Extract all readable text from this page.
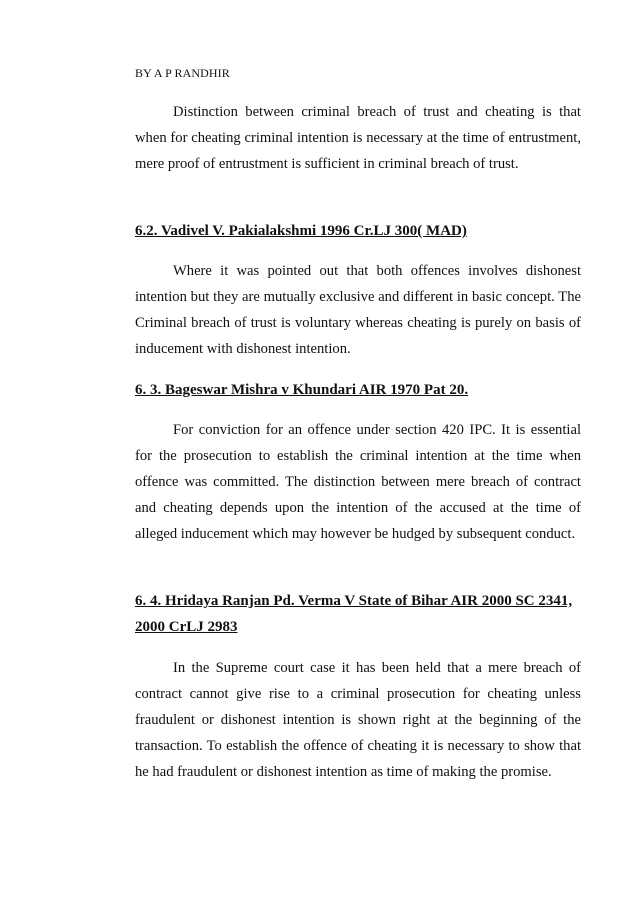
BY A P RANDHIR

Distinction between criminal breach of trust and cheating is that when for cheating criminal intention is necessary at the time of entrustment, mere proof of entrustment is sufficient in criminal breach of trust.

6.2. Vadivel V. Pakialakshmi 1996 Cr.LJ 300( MAD)

Where it was pointed out that both offences involves dishonest intention but they are mutually exclusive and different in basic concept. The Criminal breach of trust is voluntary whereas cheating is purely on basis of inducement with dishonest intention.

6. 3. Bageswar Mishra v Khundari AIR 1970 Pat 20.

For conviction for an offence under section 420 IPC. It is essential for the prosecution to establish the criminal intention at the time when offence was committed. The distinction between mere breach of contract and cheating depends upon the intention of the accused at the time of alleged inducement which may however be hudged by subsequent conduct.

6. 4. Hridaya Ranjan Pd. Verma V State of Bihar AIR 2000 SC 2341, 2000 CrLJ 2983

In the Supreme court case it has been held that a mere breach of contract cannot give rise to a criminal prosecution for cheating unless fraudulent or dishonest intention is shown right at the beginning of the transaction. To establish the offence of cheating it is necessary to show that he had fraudulent or dishonest intention as time of making the promise.
